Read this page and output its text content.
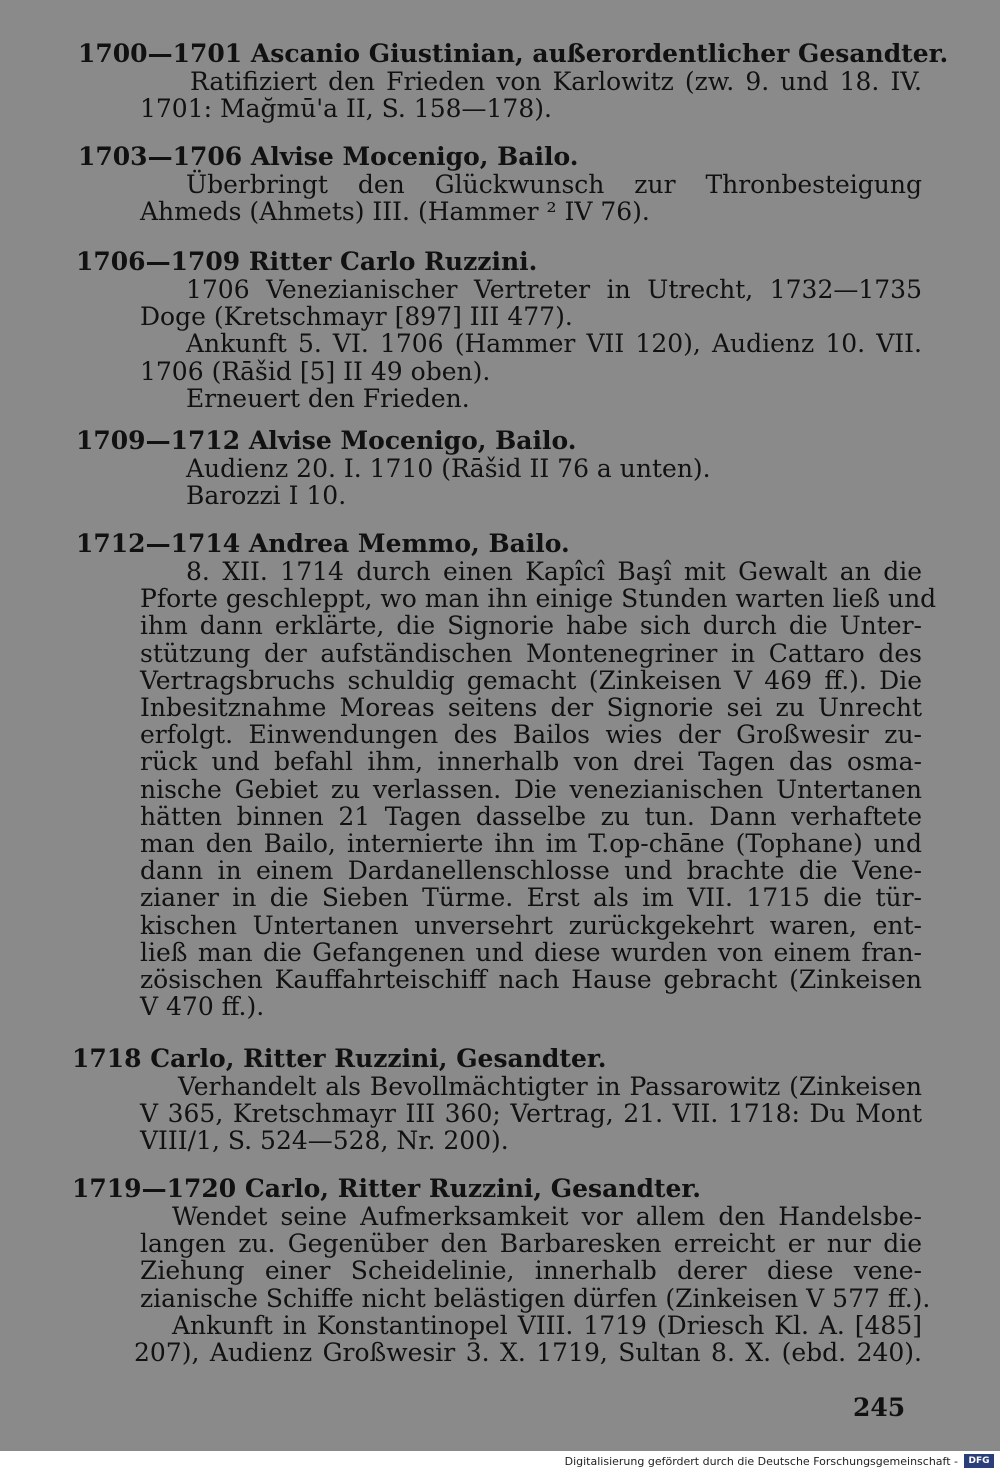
1700—1701 Ascanio Giustinian, außerordentlicher Gesandter.
Ratifiziert den Frieden von Karlowitz (zw. 9. und 18. IV.
1701: Mağmū'a II, S. 158—178).
1703—1706 Alvise Mocenigo, Bailo.
Überbringt den Glückwunsch zur Thronbesteigung
Ahmeds (Ahmets) III. (Hammer ² IV 76).
1706—1709 Ritter Carlo Ruzzini.
1706 Venezianischer Vertreter in Utrecht, 1732—1735
Doge (Kretschmayr [897] III 477).
Ankunft 5. VI. 1706 (Hammer VII 120), Audienz 10. VII.
1706 (Rāšid [5] II 49 oben).
Erneuert den Frieden.
1709—1712 Alvise Mocenigo, Bailo.
Audienz 20. I. 1710 (Rāšid II 76 a unten).
Barozzi I 10.
1712—1714 Andrea Memmo, Bailo.
8. XII. 1714 durch einen Kapîcî Başî mit Gewalt an die
Pforte geschleppt, wo man ihn einige Stunden warten ließ und
ihm dann erklärte, die Signorie habe sich durch die Unter-
stützung der aufständischen Montenegriner in Cattaro des
Vertragsbruchs schuldig gemacht (Zinkeisen V 469 ff.). Die
Inbesitznahme Moreas seitens der Signorie sei zu Unrecht
erfolgt. Einwendungen des Bailos wies der Großwesir zu-
rück und befahl ihm, innerhalb von drei Tagen das osma-
nische Gebiet zu verlassen. Die venezianischen Untertanen
hätten binnen 21 Tagen dasselbe zu tun. Dann verhaftete
man den Bailo, internierte ihn im T.op-chāne (Tophane) und
dann in einem Dardanellenschlosse und brachte die Vene-
zianer in die Sieben Türme. Erst als im VII. 1715 die tür-
kischen Untertanen unversehrt zurückgekehrt waren, ent-
ließ man die Gefangenen und diese wurden von einem fran-
zösischen Kauffahrteischiff nach Hause gebracht (Zinkeisen
V 470 ff.).
1718 Carlo, Ritter Ruzzini, Gesandter.
Verhandelt als Bevollmächtigter in Passarowitz (Zinkeisen
V 365, Kretschmayr III 360; Vertrag, 21. VII. 1718: Du Mont
VIII/1, S. 524—528, Nr. 200).
1719—1720 Carlo, Ritter Ruzzini, Gesandter.
Wendet seine Aufmerksamkeit vor allem den Handelsbe-
langen zu. Gegenüber den Barbaresken erreicht er nur die
Ziehung einer Scheidelinie, innerhalb derer diese vene-
zianische Schiffe nicht belästigen dürfen (Zinkeisen V 577 ff.).
Ankunft in Konstantinopel VIII. 1719 (Driesch Kl. A. [485]
207), Audienz Großwesir 3. X. 1719, Sultan 8. X. (ebd. 240).
245
Digitalisierung gefördert durch die Deutsche Forschungsgemeinschaft -	DFG
